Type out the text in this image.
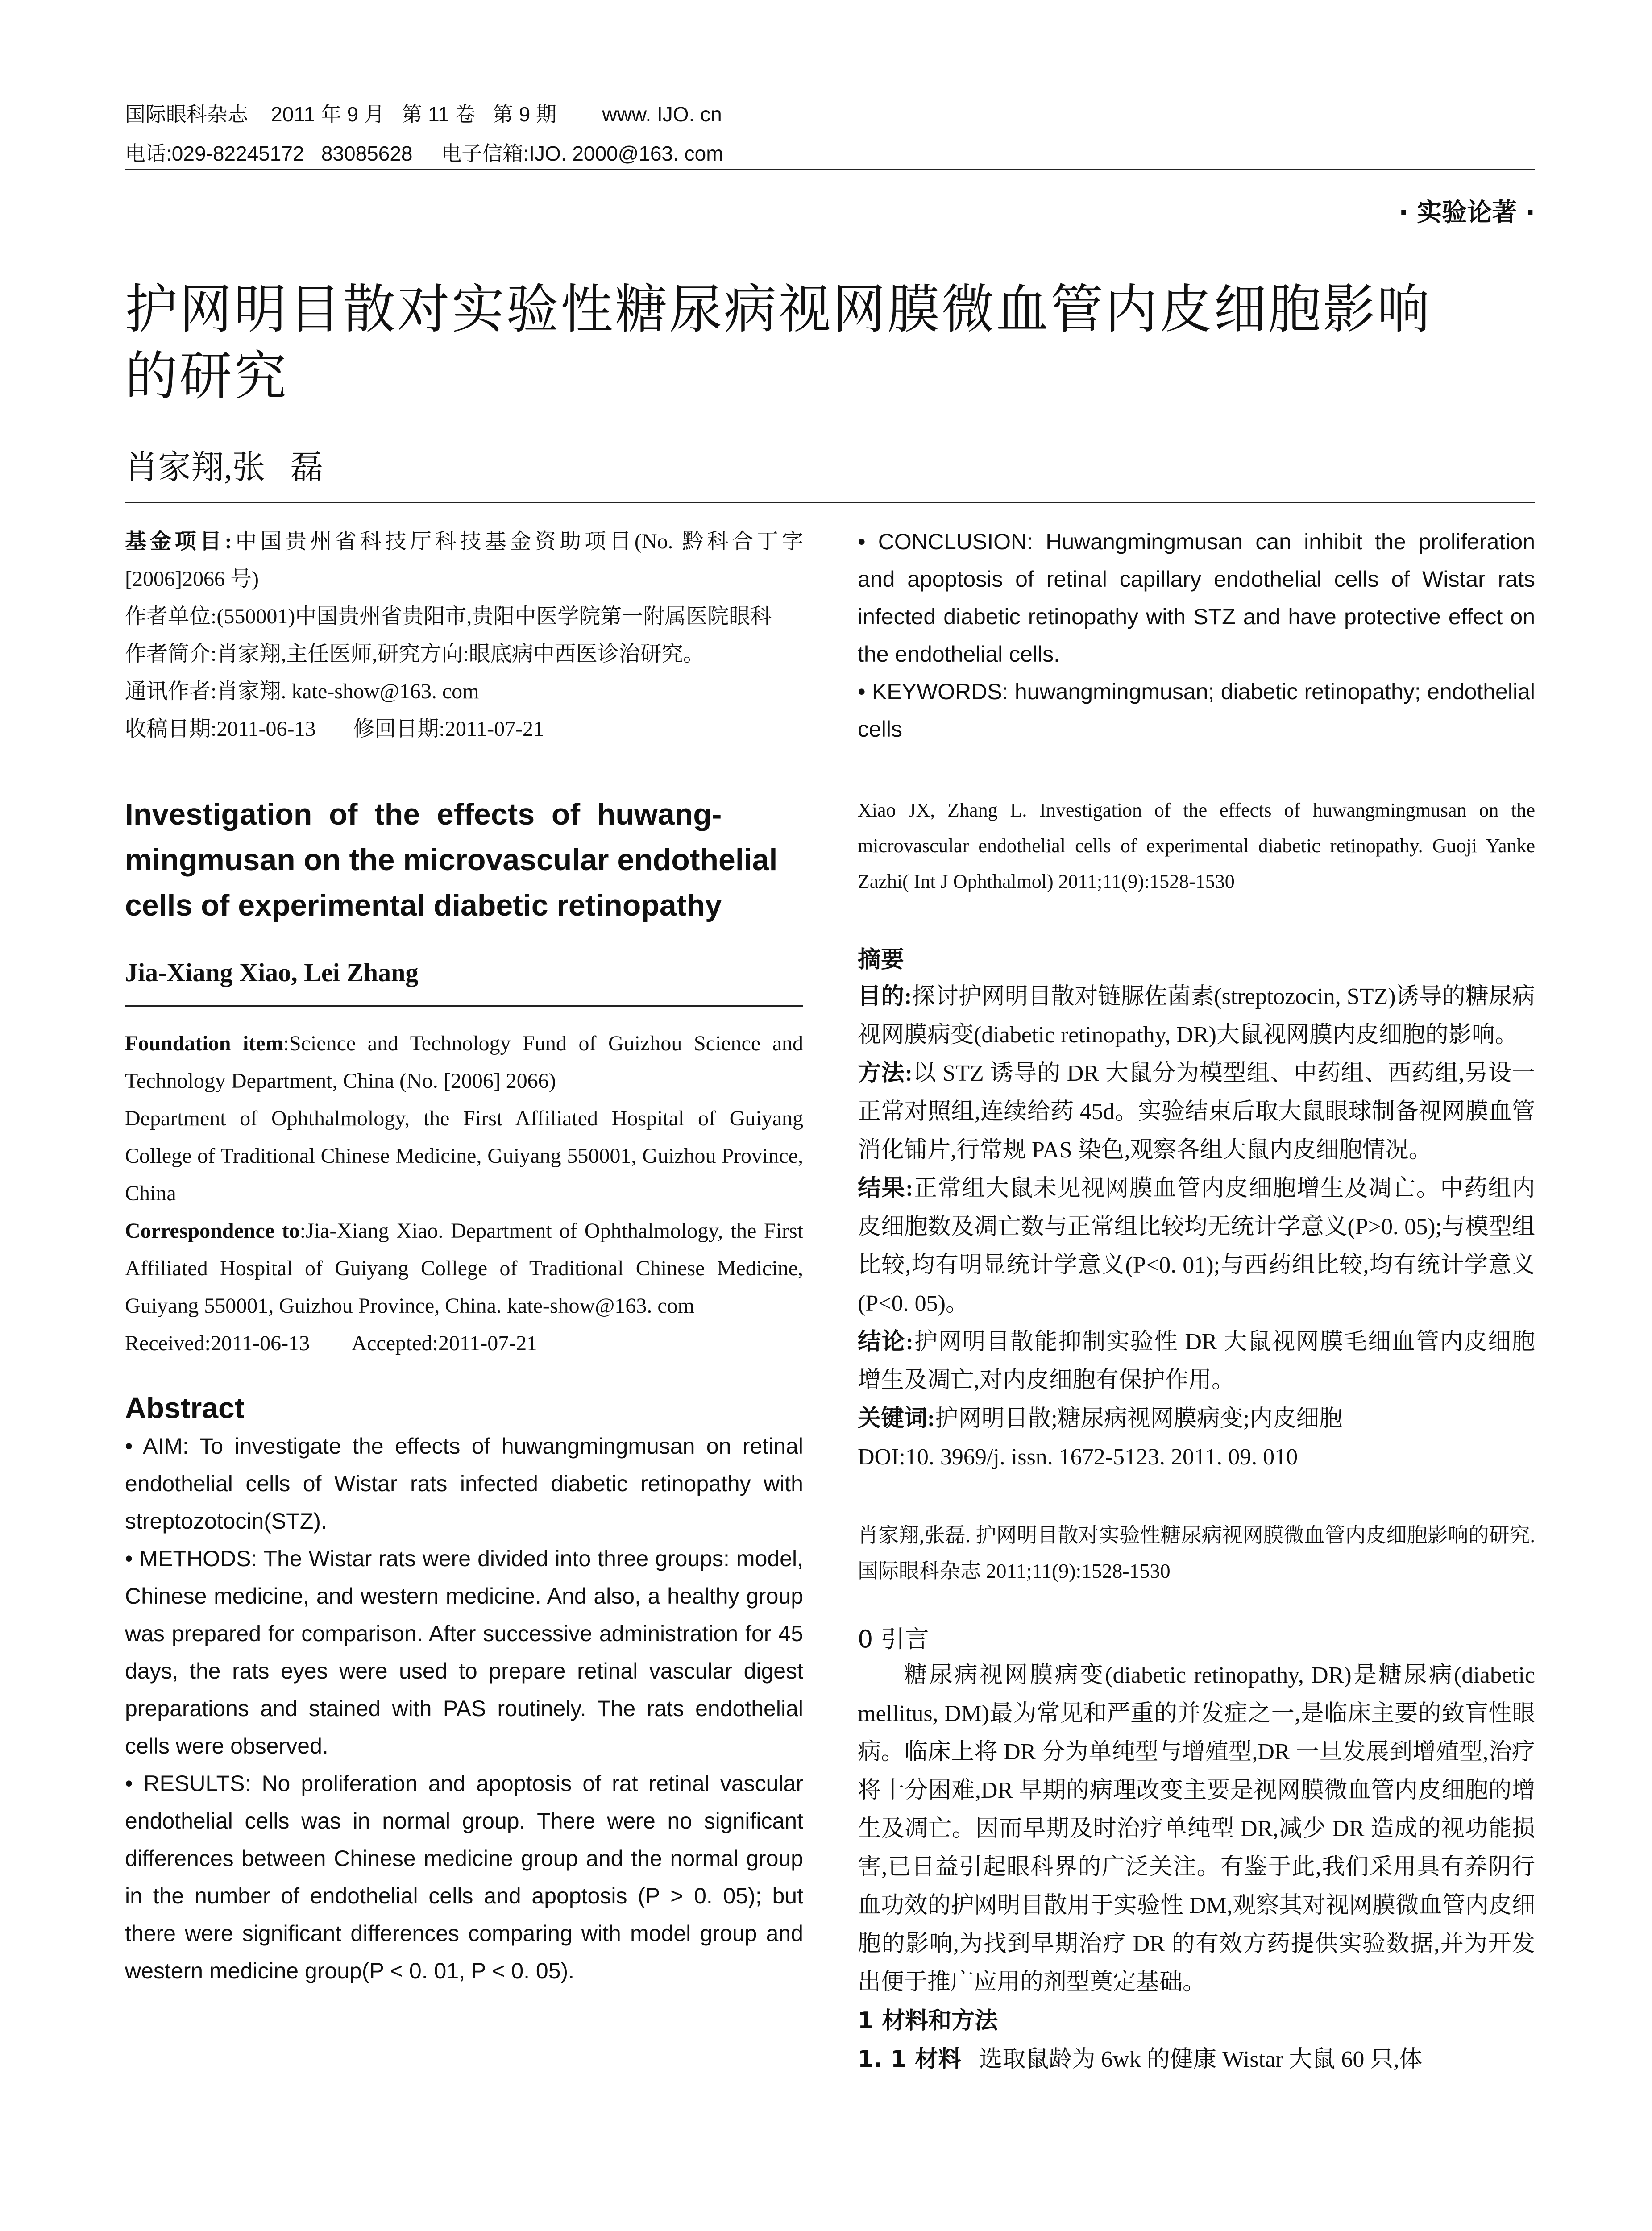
国际眼科杂志    2011 年 9 月   第 11 卷   第 9 期        www. IJO. cn
电话:029-82245172   83085628     电子信箱:IJO. 2000@163. com
· 实验论著 ·
护网明目散对实验性糖尿病视网膜微血管内皮细胞影响
的研究
肖家翔,张   磊

基金项目:中国贵州省科技厅科技基金资助项目(No. 黔科合丁字[2006]2066 号)

作者单位:(550001)中国贵州省贵阳市,贵阳中医学院第一附属医院眼科

作者简介:肖家翔,主任医师,研究方向:眼底病中西医诊治研究。

通讯作者:肖家翔. kate-show@163. com

收稿日期:2011-06-13       修回日期:2011-07-21

Investigation  of  the  effects  of  huwang-
mingmusan on the microvascular endothelial
cells of experimental diabetic retinopathy
Jia-Xiang Xiao, Lei Zhang

Foundation item:Science and Technology Fund of Guizhou Science and Technology Department, China (No. [2006] 2066)

Department of Ophthalmology, the First Affiliated Hospital of Guiyang College of Traditional Chinese Medicine, Guiyang 550001, Guizhou Province, China

Correspondence to:Jia-Xiang Xiao. Department of Ophthalmology, the First Affiliated Hospital of Guiyang College of Traditional Chinese Medicine, Guiyang 550001, Guizhou Province, China. kate-show@163. com

Received:2011-06-13        Accepted:2011-07-21

Abstract

• AIM: To investigate the effects of huwangmingmusan on retinal endothelial cells of Wistar rats infected diabetic retinopathy with streptozotocin(STZ).

• METHODS: The Wistar rats were divided into three groups: model, Chinese medicine, and western medicine. And also, a healthy group was prepared for comparison. After successive administration for 45 days, the rats eyes were used to prepare retinal vascular digest preparations and stained with PAS routinely. The rats endothelial cells were observed.

• RESULTS: No proliferation and apoptosis of rat retinal vascular endothelial cells was in normal group. There were no significant differences between Chinese medicine group and the normal group in the number of endothelial cells and apoptosis (P > 0. 05); but there were significant differences comparing with model group and western medicine group(P < 0. 01, P < 0. 05).

• CONCLUSION: Huwangmingmusan can inhibit the proliferation and apoptosis of retinal capillary endothelial cells of Wistar rats infected diabetic retinopathy with STZ and have protective effect on the endothelial cells.

• KEYWORDS: huwangmingmusan; diabetic retinopathy; endothelial cells

Xiao JX, Zhang L. Investigation of the effects of huwangmingmusan on the microvascular endothelial cells of experimental diabetic retinopathy. Guoji Yanke Zazhi( Int J Ophthalmol) 2011;11(9):1528-1530
摘要

目的:探讨护网明目散对链脲佐菌素(streptozocin, STZ)诱导的糖尿病视网膜病变(diabetic retinopathy, DR)大鼠视网膜内皮细胞的影响。

方法:以 STZ 诱导的 DR 大鼠分为模型组、中药组、西药组,另设一正常对照组,连续给药 45d。实验结束后取大鼠眼球制备视网膜血管消化铺片,行常规 PAS 染色,观察各组大鼠内皮细胞情况。

结果:正常组大鼠未见视网膜血管内皮细胞增生及凋亡。中药组内皮细胞数及凋亡数与正常组比较均无统计学意义(P>0. 05);与模型组比较,均有明显统计学意义(P<0. 01);与西药组比较,均有统计学意义(P<0. 05)。

结论:护网明目散能抑制实验性 DR 大鼠视网膜毛细血管内皮细胞增生及凋亡,对内皮细胞有保护作用。

关键词:护网明目散;糖尿病视网膜病变;内皮细胞

DOI:10. 3969/j. issn. 1672-5123. 2011. 09. 010

肖家翔,张磊. 护网明目散对实验性糖尿病视网膜微血管内皮细胞影响的研究. 国际眼科杂志 2011;11(9):1528-1530
0 引言
糖尿病视网膜病变(diabetic retinopathy, DR)是糖尿病(diabetic mellitus, DM)最为常见和严重的并发症之一,是临床主要的致盲性眼病。临床上将 DR 分为单纯型与增殖型,DR 一旦发展到增殖型,治疗将十分困难,DR 早期的病理改变主要是视网膜微血管内皮细胞的增生及凋亡。因而早期及时治疗单纯型 DR,减少 DR 造成的视功能损害,已日益引起眼科界的广泛关注。有鉴于此,我们采用具有养阴行血功效的护网明目散用于实验性 DM,观察其对视网膜微血管内皮细胞的影响,为找到早期治疗 DR 的有效方药提供实验数据,并为开发出便于推广应用的剂型奠定基础。
1 材料和方法
1. 1 材料 选取鼠龄为 6wk 的健康 Wistar 大鼠 60 只,体
